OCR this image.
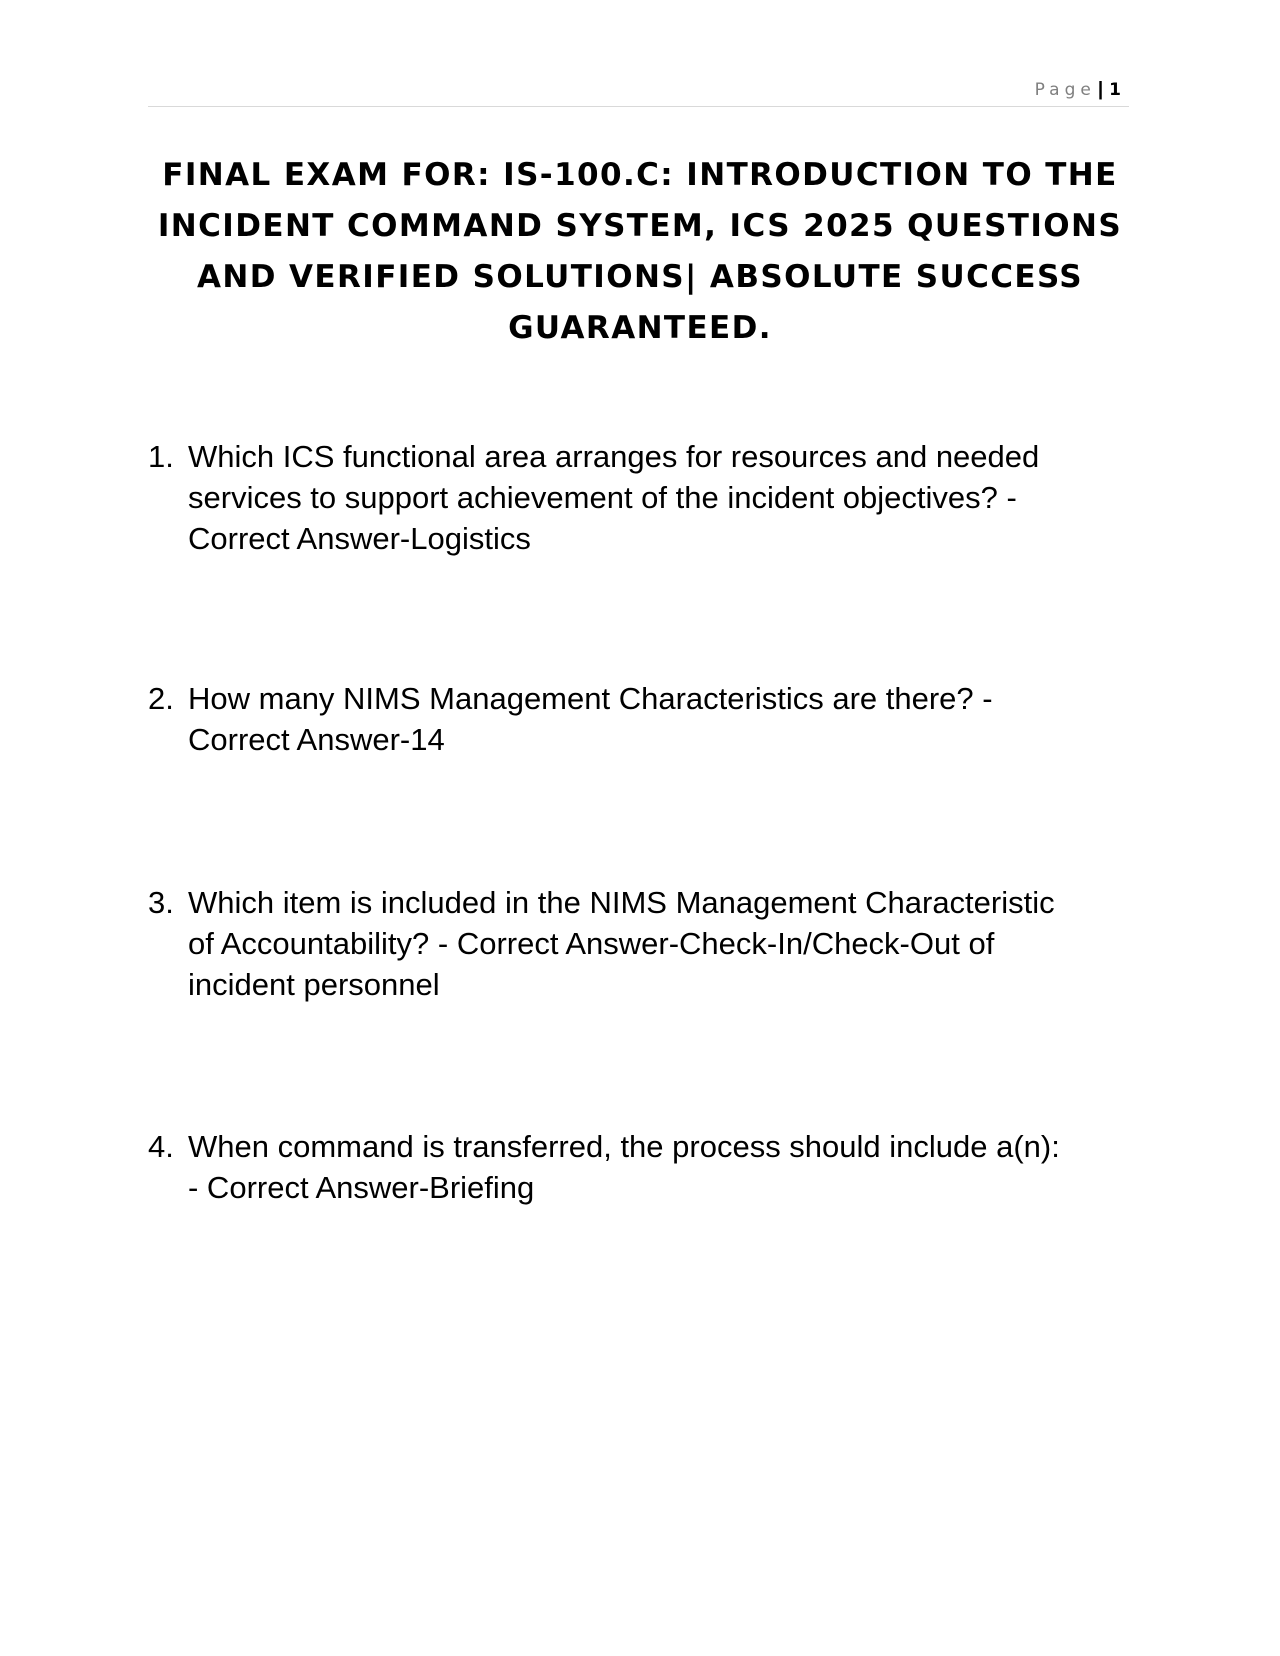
Page | 1
FINAL EXAM FOR: IS-100.C: INTRODUCTION TO THE INCIDENT COMMAND SYSTEM, ICS 2025 QUESTIONS AND VERIFIED SOLUTIONS| ABSOLUTE SUCCESS GUARANTEED.
1. Which ICS functional area arranges for resources and needed
services to support achievement of the incident objectives? -
Correct Answer-Logistics
2. How many NIMS Management Characteristics are there? -
Correct Answer-14
3. Which item is included in the NIMS Management Characteristic
of Accountability? - Correct Answer-Check-In/Check-Out of
incident personnel
4. When command is transferred, the process should include a(n):
- Correct Answer-Briefing
